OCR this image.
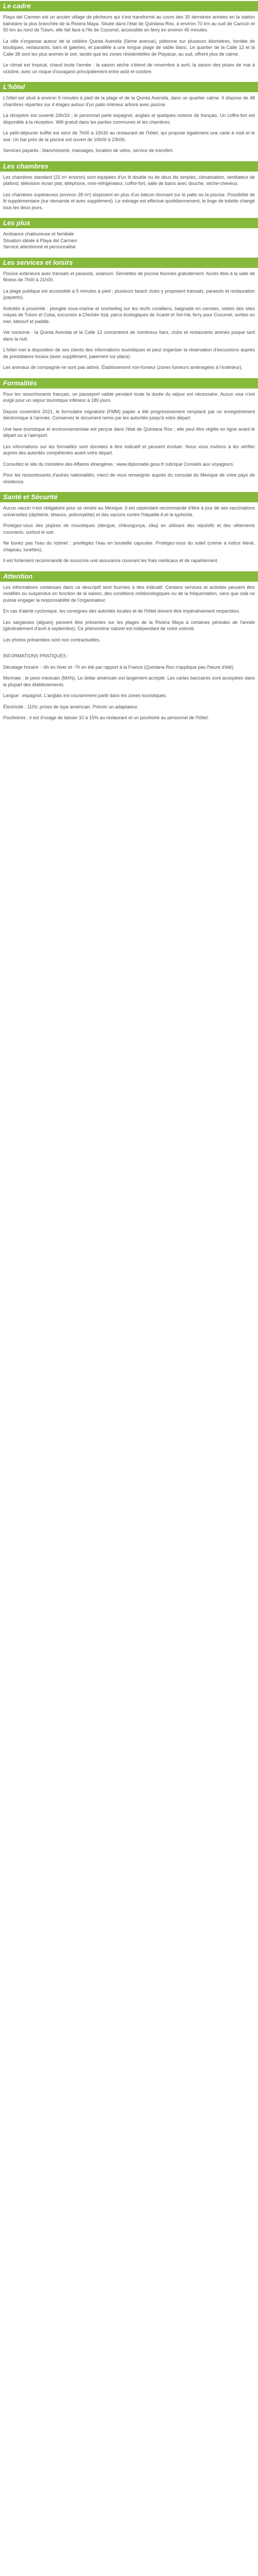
Le cadre

Playa del Carmen est un ancien village de pêcheurs qui s'est transformé au cours des 30 dernières années en la station balnéaire la plus branchée de la Riviera Maya. Située dans l'état de Quintana Roo, à environ 70 km au sud de Cancún et 50 km au nord de Tulum, elle fait face à l'île de Cozumel, accessible en ferry en environ 45 minutes.

La ville s'organise autour de la célèbre Quinta Avenida (5ème avenue), piétonne sur plusieurs kilomètres, bordée de boutiques, restaurants, bars et galeries, et parallèle à une longue plage de sable blanc. Le quartier de la Calle 12 et la Calle 38 sont les plus animés le soir, tandis que les zones résidentielles de Playacar, au sud, offrent plus de calme.

Le climat est tropical, chaud toute l'année : la saison sèche s'étend de novembre à avril, la saison des pluies de mai à octobre, avec un risque d'ouragans principalement entre août et octobre.

L'hôtel

L'hôtel est situé à environ 5 minutes à pied de la plage et de la Quinta Avenida, dans un quartier calme. Il dispose de 48 chambres réparties sur 4 étages autour d'un patio intérieur arboré avec piscine.

La réception est ouverte 24h/24 ; le personnel parle espagnol, anglais et quelques notions de français. Un coffre-fort est disponible à la réception. Wifi gratuit dans les parties communes et les chambres.

Le petit-déjeuner buffet est servi de 7h00 à 10h30 au restaurant de l'hôtel, qui propose également une carte à midi et le soir. Un bar près de la piscine est ouvert de 10h00 à 23h00.

Services payants : blanchisserie, massages, location de vélos, service de transfert.

Les chambres

Les chambres standard (22 m² environ) sont équipées d'un lit double ou de deux lits simples, climatisation, ventilateur de plafond, télévision écran plat, téléphone, mini-réfrigérateur, coffre-fort, salle de bains avec douche, sèche-cheveux.

Les chambres supérieures (environ 28 m²) disposent en plus d'un balcon donnant sur le patio ou la piscine. Possibilité de lit supplémentaire (sur demande et avec supplément). Le ménage est effectué quotidiennement, le linge de toilette changé tous les deux jours.

Les plus

Ambiance chaleureuse et familiale

Situation idéale à Playa del Carmen

Service attentionné et personnalisé

Les services et loisirs

Piscine extérieure avec transats et parasols, solarium. Serviettes de piscine fournies gratuitement. Accès libre à la salle de fitness de 7h00 à 21h00.

La plage publique est accessible à 5 minutes à pied ; plusieurs beach clubs y proposent transats, parasols et restauration (payants).

Activités à proximité : plongée sous-marine et snorkeling sur les récifs coralliens, baignade en cenotes, visites des sites mayas de Tulum et Coba, excursion à Chichén Itzá, parcs écologiques de Xcaret et Xel-Há, ferry pour Cozumel, sorties en mer, kitesurf et paddle.

Vie nocturne : la Quinta Avenida et la Calle 12 concentrent de nombreux bars, clubs et restaurants animés jusque tard dans la nuit.

L'hôtel met à disposition de ses clients des informations touristiques et peut organiser la réservation d'excursions auprès de prestataires locaux (avec supplément, paiement sur place).

Les animaux de compagnie ne sont pas admis. Établissement non-fumeur (zones fumeurs aménagées à l'extérieur).

Formalités

Pour les ressortissants français, un passeport valide pendant toute la durée du séjour est nécessaire. Aucun visa n'est exigé pour un séjour touristique inférieur à 180 jours.

Depuis novembre 2021, le formulaire migratoire (FMM) papier a été progressivement remplacé par un enregistrement électronique à l'arrivée. Conservez le document remis par les autorités jusqu'à votre départ.

Une taxe touristique et environnementale est perçue dans l'état de Quintana Roo ; elle peut être réglée en ligne avant le départ ou à l'aéroport.

Les informations sur les formalités sont données à titre indicatif et peuvent évoluer. Nous vous invitons à les vérifier auprès des autorités compétentes avant votre départ.

Consultez le site du ministère des Affaires étrangères : www.diplomatie.gouv.fr rubrique Conseils aux voyageurs.

Pour les ressortissants d'autres nationalités, merci de vous renseigner auprès du consulat du Mexique de votre pays de résidence.

Santé et Sécurité

Aucun vaccin n'est obligatoire pour se rendre au Mexique. Il est cependant recommandé d'être à jour de ses vaccinations universelles (diphtérie, tétanos, poliomyélite) et des vaccins contre l'hépatite A et la typhoïde.

Protégez-vous des piqûres de moustiques (dengue, chikungunya, zika) en utilisant des répulsifs et des vêtements couvrants, surtout le soir.

Ne buvez pas l'eau du robinet ; privilégiez l'eau en bouteille capsulée. Protégez-vous du soleil (crème à indice élevé, chapeau, lunettes).

Il est fortement recommandé de souscrire une assurance couvrant les frais médicaux et de rapatriement.

Attention

Les informations contenues dans ce descriptif sont fournies à titre indicatif. Certains services et activités peuvent être modifiés ou suspendus en fonction de la saison, des conditions météorologiques ou de la fréquentation, sans que cela ne puisse engager la responsabilité de l'organisateur.

En cas d'alerte cyclonique, les consignes des autorités locales et de l'hôtel doivent être impérativement respectées.

Les sargasses (algues) peuvent être présentes sur les plages de la Riviera Maya à certaines périodes de l'année (généralement d'avril à septembre). Ce phénomène naturel est indépendant de notre volonté.

Les photos présentées sont non contractuelles.

INFORMATIONS PRATIQUES :

Décalage horaire : -6h en hiver et -7h en été par rapport à la France (Quintana Roo n'applique pas l'heure d'été).

Monnaie : le peso mexicain (MXN). Le dollar américain est largement accepté. Les cartes bancaires sont acceptées dans la plupart des établissements.

Langue : espagnol. L'anglais est couramment parlé dans les zones touristiques.

Électricité : 110V, prises de type américain. Prévoir un adaptateur.

Pourboires : il est d'usage de laisser 10 à 15% au restaurant et un pourboire au personnel de l'hôtel.
